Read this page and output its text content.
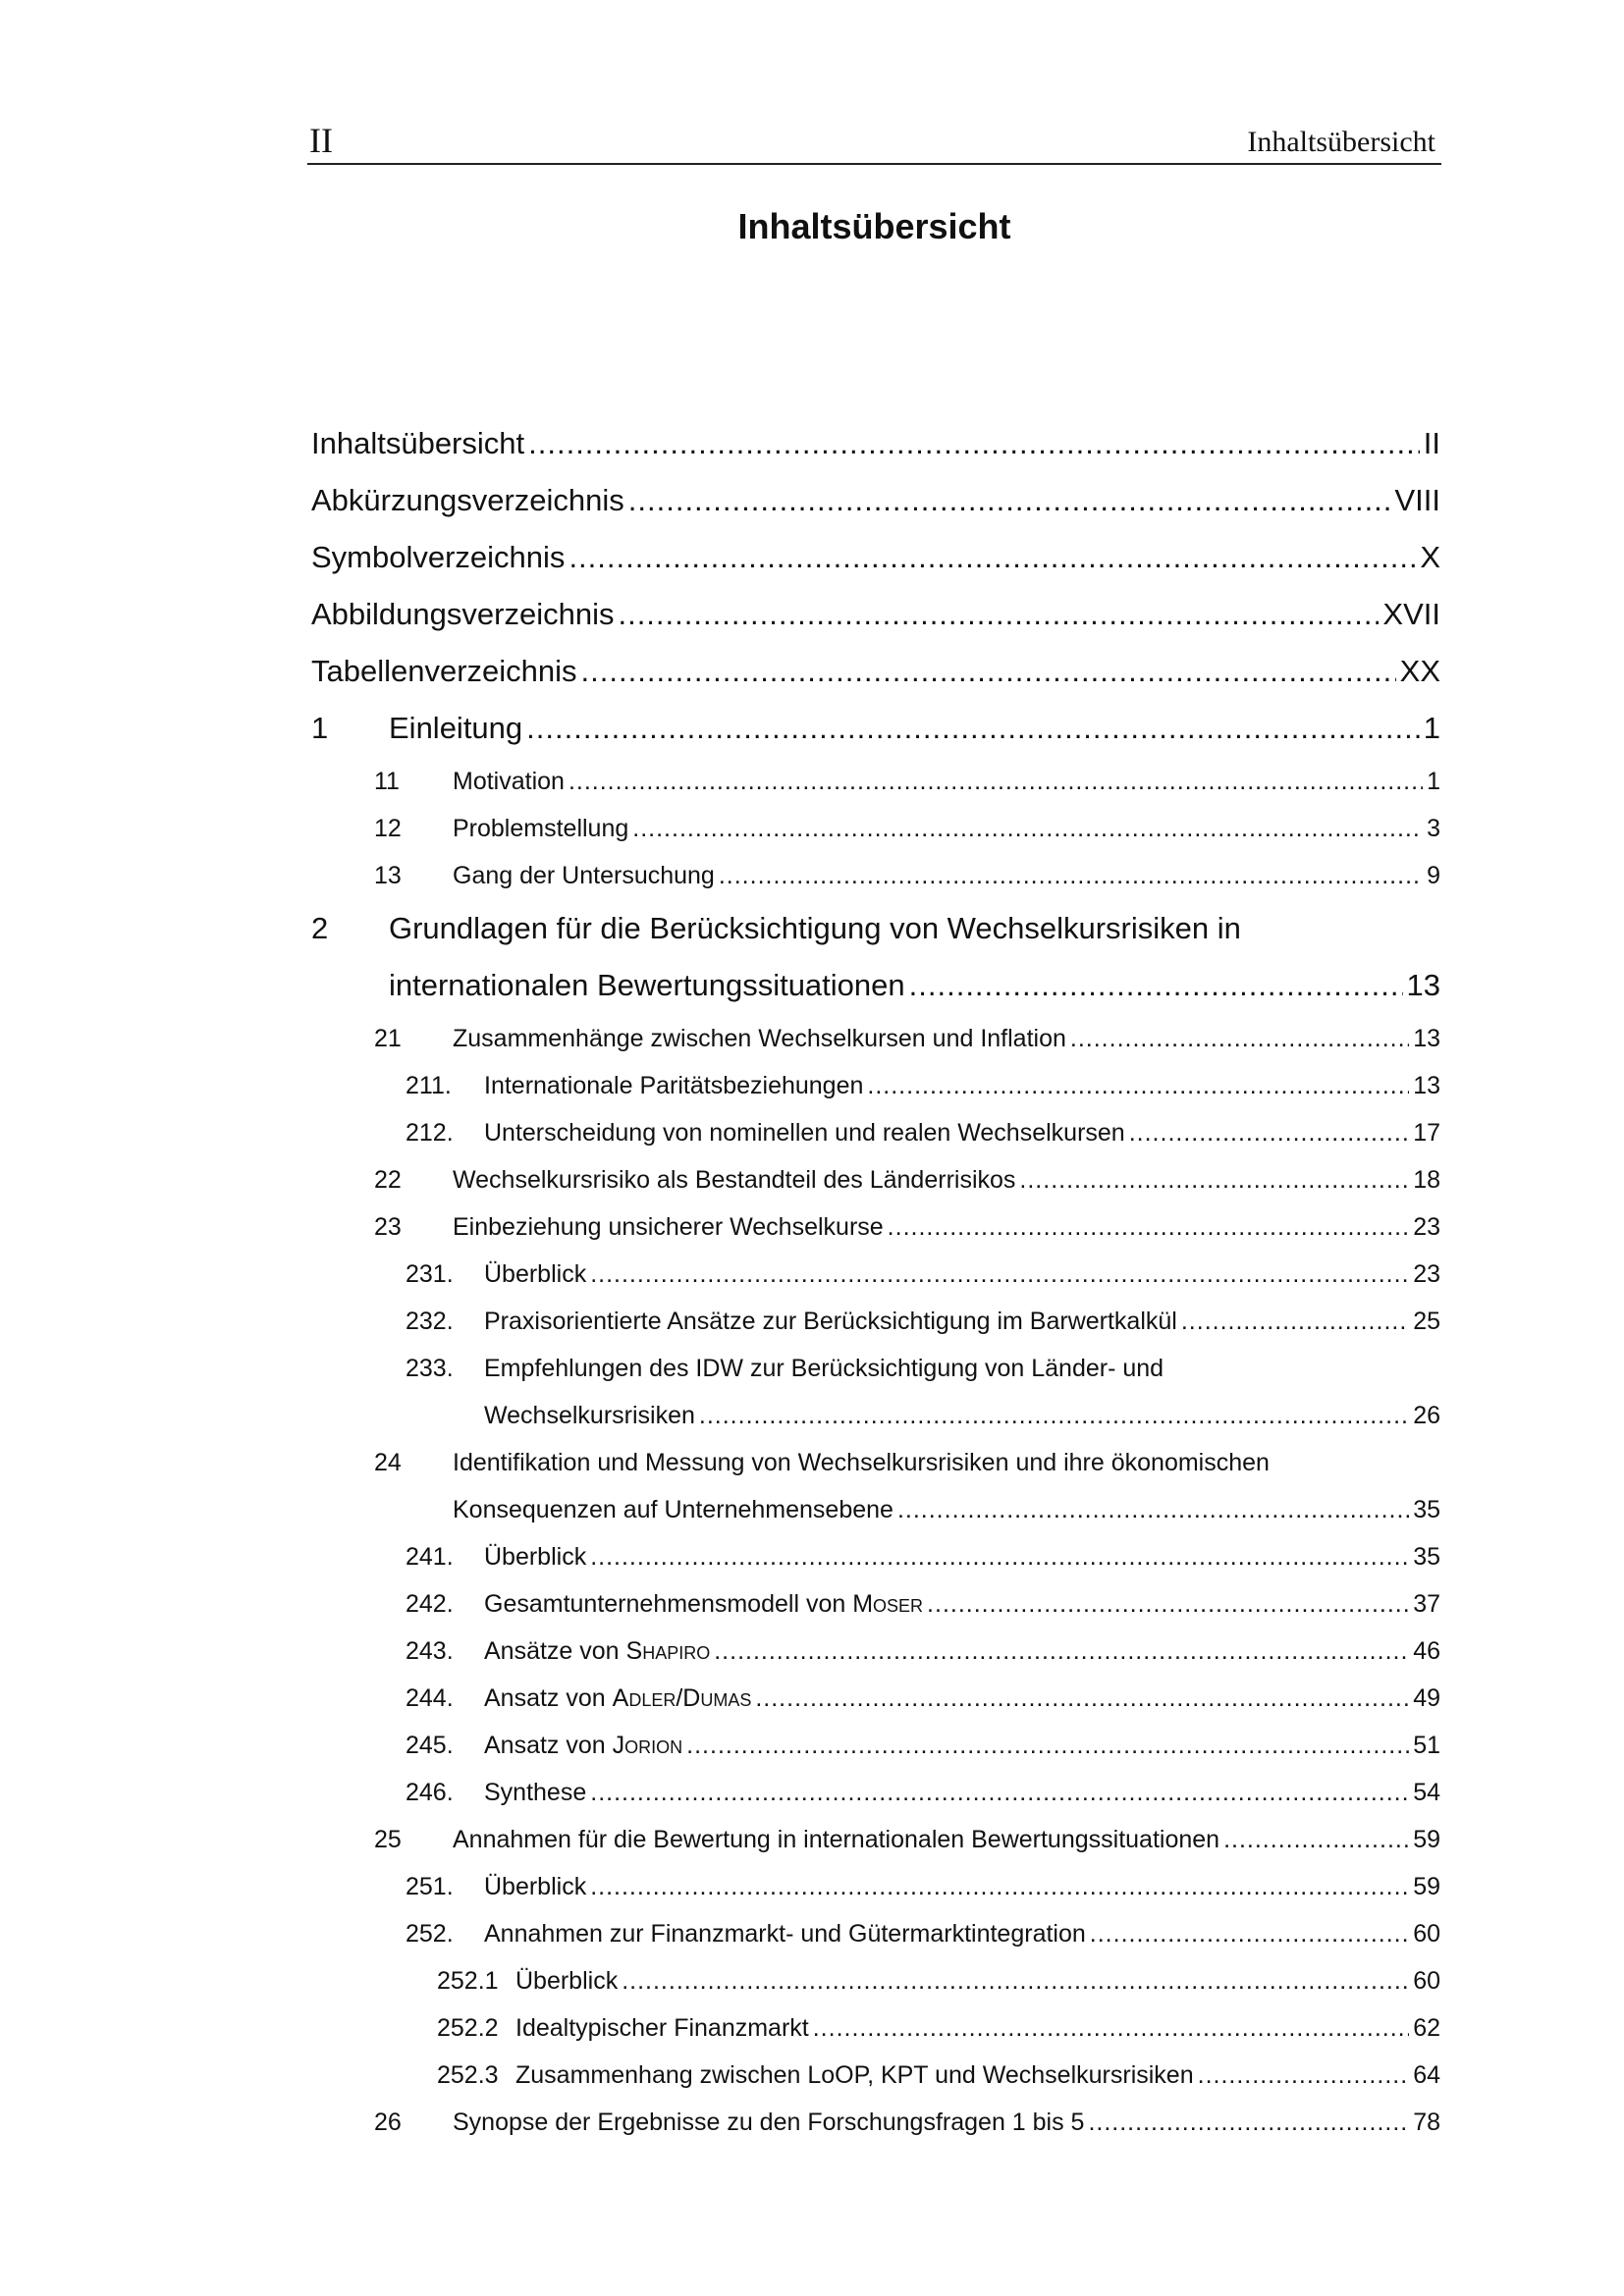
II	Inhaltsübersicht
Inhaltsübersicht
Inhaltsübersicht .....	II
Abkürzungsverzeichnis .....	VIII
Symbolverzeichnis .....	X
Abbildungsverzeichnis .....	XVII
Tabellenverzeichnis .....	XX
1 Einleitung .....	1
11 Motivation .....	1
12 Problemstellung .....	3
13 Gang der Untersuchung .....	9
2 Grundlagen für die Berücksichtigung von Wechselkursrisiken in
internationalen Bewertungssituationen .....	13
21 Zusammenhänge zwischen Wechselkursen und Inflation .....	13
211. Internationale Paritätsbeziehungen .....	13
212. Unterscheidung von nominellen und realen Wechselkursen .....	17
22 Wechselkursrisiko als Bestandteil des Länderrisikos .....	18
23 Einbeziehung unsicherer Wechselkurse .....	23
231. Überblick .....	23
232. Praxisorientierte Ansätze zur Berücksichtigung im Barwertkalkül .....	25
233. Empfehlungen des IDW zur Berücksichtigung von Länder- und
Wechselkursrisiken .....	26
24 Identifikation und Messung von Wechselkursrisiken und ihre ökonomischen
Konsequenzen auf Unternehmensebene .....	35
241. Überblick .....	35
242. Gesamtunternehmensmodell von Moser .....	37
243. Ansätze von Shapiro .....	46
244. Ansatz von Adler/Dumas .....	49
245. Ansatz von Jorion .....	51
246. Synthese .....	54
25 Annahmen für die Bewertung in internationalen Bewertungssituationen .....	59
251. Überblick .....	59
252. Annahmen zur Finanzmarkt- und Gütermarktintegration .....	60
252.1 Überblick .....	60
252.2 Idealtypischer Finanzmarkt .....	62
252.3 Zusammenhang zwischen LoOP, KPT und Wechselkursrisiken .....	64
26 Synopse der Ergebnisse zu den Forschungsfragen 1 bis 5 .....	78
